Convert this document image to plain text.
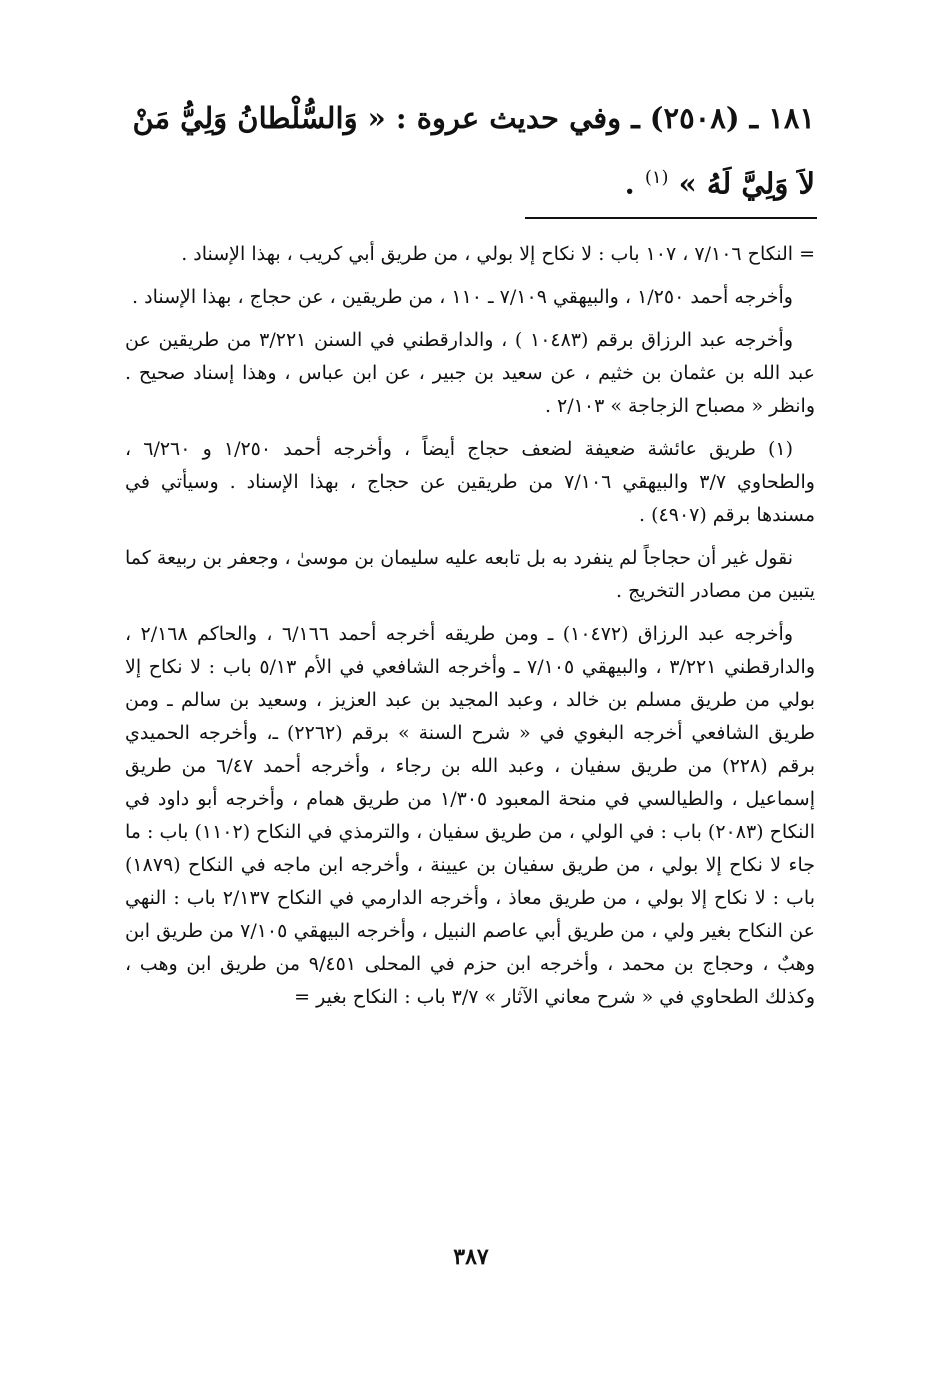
١٨١ ـ (٢٥٠٨) ـ وفي حديث عروة : « وَالسُّلْطانُ وَلِيُّ مَنْ لاَ وَلِيَّ لَهُ » $^{(١)}$ .

= النكاح ٧/١٠٦ ، ١٠٧ باب : لا نكاح إلا بولي ، من طريق أبي كريب ، بهذا الإسناد .

وأخرجه أحمد ١/٢٥٠ ، والبيهقي ٧/١٠٩ ـ ١١٠ ، من طريقين ، عن حجاج ، بهذا الإسناد .

وأخرجه عبد الرزاق برقم (١٠٤٨٣ ) ، والدارقطني في السنن ٣/٢٢١ من طريقين عن عبد الله بن عثمان بن خثيم ، عن سعيد بن جبير ، عن ابن عباس ، وهذا إسناد صحيح . وانظر « مصباح الزجاجة » ٢/١٠٣ .

(١) طريق عائشة ضعيفة لضعف حجاج أيضاً ، وأخرجه أحمد ١/٢٥٠ و ٦/٢٦٠ ، والطحاوي ٣/٧ والبيهقي ٧/١٠٦ من طريقين عن حجاج ، بهذا الإسناد . وسيأتي في مسندها برقم (٤٩٠٧) .

نقول غير أن حجاجاً لم ينفرد به بل تابعه عليه سليمان بن موسىٰ ، وجعفر بن ربيعة كما يتبين من مصادر التخريج .

وأخرجه عبد الرزاق (١٠٤٧٢) ـ ومن طريقه أخرجه أحمد ٦/١٦٦ ، والحاكم ٢/١٦٨ ، والدارقطني ٣/٢٢١ ، والبيهقي ٧/١٠٥ ـ وأخرجه الشافعي في الأم ٥/١٣ باب : لا نكاح إلا بولي من طريق مسلم بن خالد ، وعبد المجيد بن عبد العزيز ، وسعيد بن سالم ـ ومن طريق الشافعي أخرجه البغوي في « شرح السنة » برقم (٢٢٦٢) ـ، وأخرجه الحميدي برقم (٢٢٨) من طريق سفيان ، وعبد الله بن رجاء ، وأخرجه أحمد ٦/٤٧ من طريق إسماعيل ، والطيالسي في منحة المعبود ١/٣٠٥ من طريق همام ، وأخرجه أبو داود في النكاح (٢٠٨٣) باب : في الولي ، من طريق سفيان ، والترمذي في النكاح (١١٠٢) باب : ما جاء لا نكاح إلا بولي ، من طريق سفيان بن عيينة ، وأخرجه ابن ماجه في النكاح (١٨٧٩) باب : لا نكاح إلا بولي ، من طريق معاذ ، وأخرجه الدارمي في النكاح ٢/١٣٧ باب : النهي عن النكاح بغير ولي ، من طريق أبي عاصم النبيل ، وأخرجه البيهقي ٧/١٠٥ من طريق ابن وهبٌ ، وحجاج بن محمد ، وأخرجه ابن حزم في المحلى ٩/٤٥١ من طريق ابن وهب ، وكذلك الطحاوي في « شرح معاني الآثار » ٣/٧ باب : النكاح بغير =

٣٨٧
